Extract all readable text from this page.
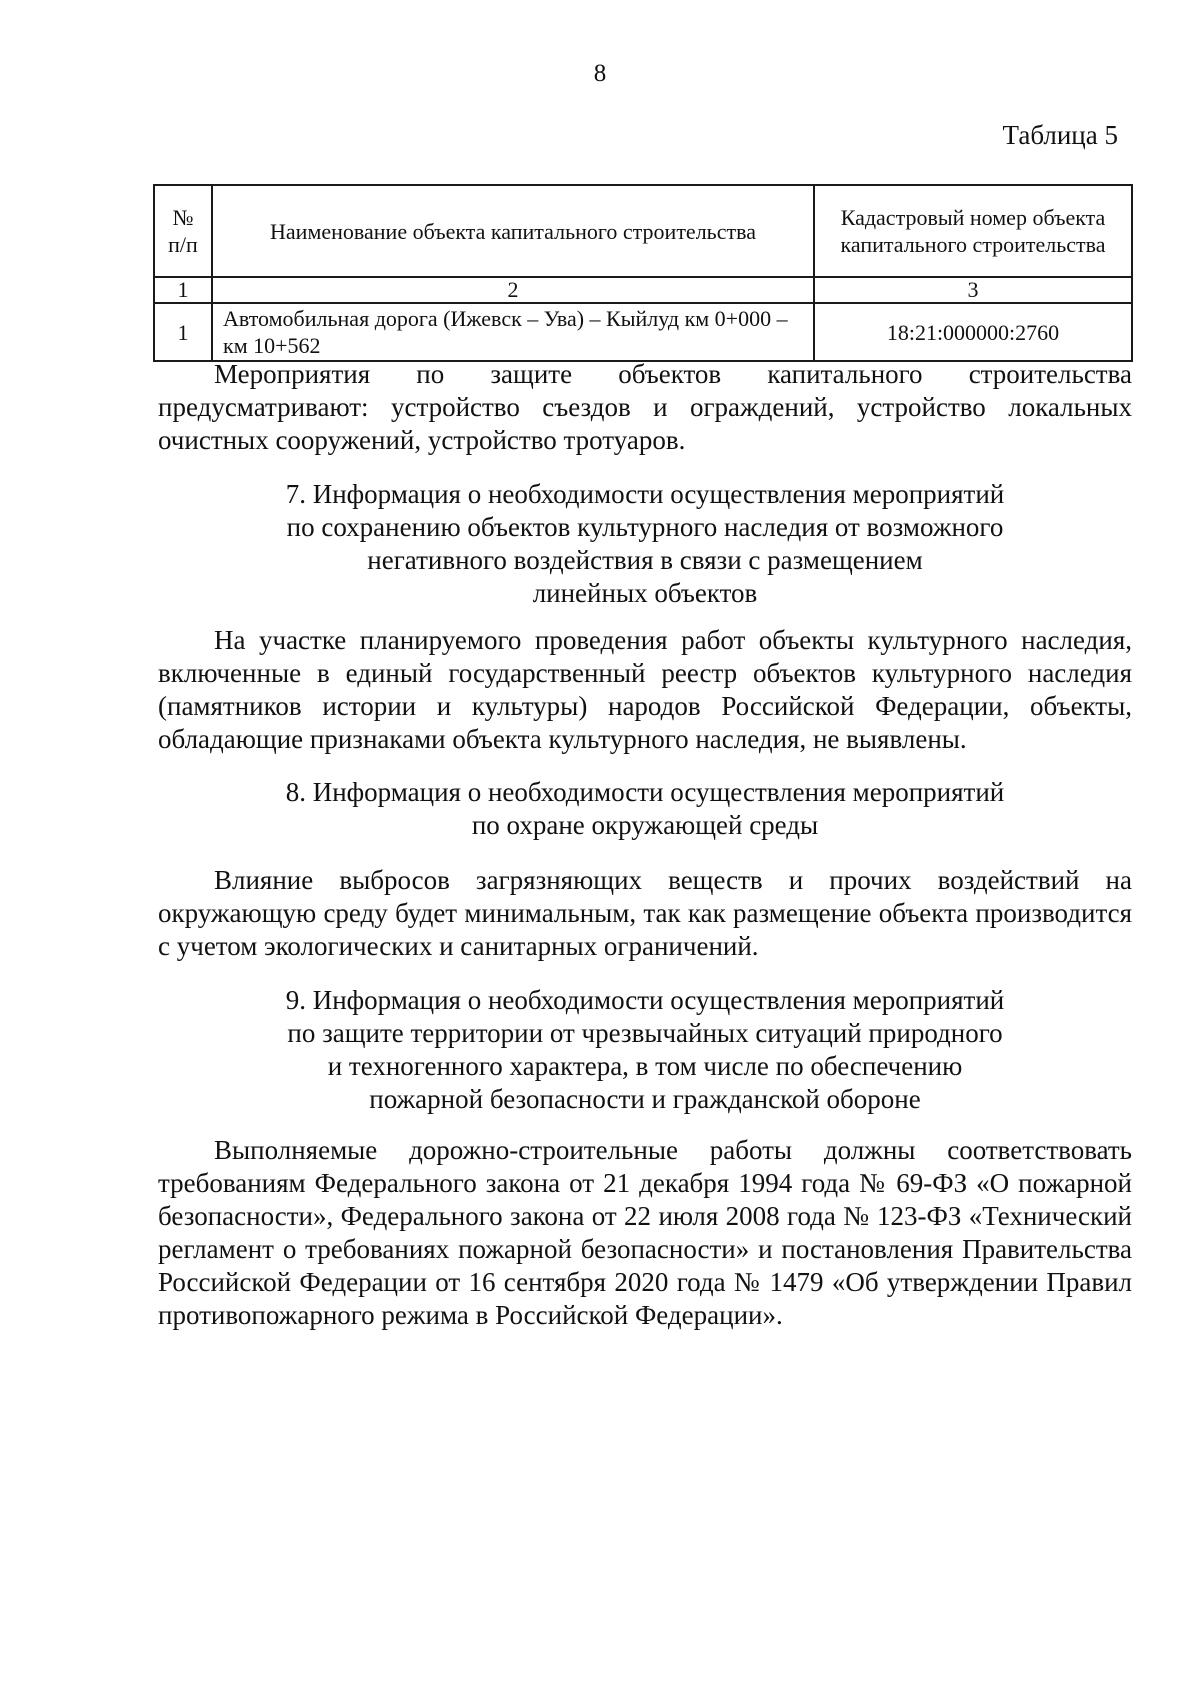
8
Таблица 5
№ п/п	Наименование объекта капитального строительства	Кадастровый номер объекта капитального строительства
1	2	3
1	Автомобильная дорога (Ижевск – Ува) – Кыйлуд км 0+000 – км 10+562	18:21:000000:2760

Мероприятия по защите объектов капитального строительства предусматривают: устройство съездов и ограждений, устройство локальных очистных сооружений, устройство тротуаров.

7. Информация о необходимости осуществления мероприятий
по сохранению объектов культурного наследия от возможного
негативного воздействия в связи с размещением
линейных объектов

На участке планируемого проведения работ объекты культурного наследия, включенные в единый государственный реестр объектов культурного наследия (памятников истории и культуры) народов Российской Федерации, объекты, обладающие признаками объекта культурного наследия, не выявлены.

8. Информация о необходимости осуществления мероприятий
по охране окружающей среды

Влияние выбросов загрязняющих веществ и прочих воздействий на окружающую среду будет минимальным, так как размещение объекта производится с учетом экологических и санитарных ограничений.

9. Информация о необходимости осуществления мероприятий
по защите территории от чрезвычайных ситуаций природного
и техногенного характера, в том числе по обеспечению
пожарной безопасности и гражданской обороне

Выполняемые дорожно-строительные работы должны соответствовать требованиям Федерального закона от 21 декабря 1994 года № 69-ФЗ «О пожарной безопасности», Федерального закона от 22 июля 2008 года № 123-ФЗ «Технический регламент о требованиях пожарной безопасности» и постановления Правительства Российской Федерации от 16 сентября 2020 года № 1479 «Об утверждении Правил противопожарного режима в Российской Федерации».
